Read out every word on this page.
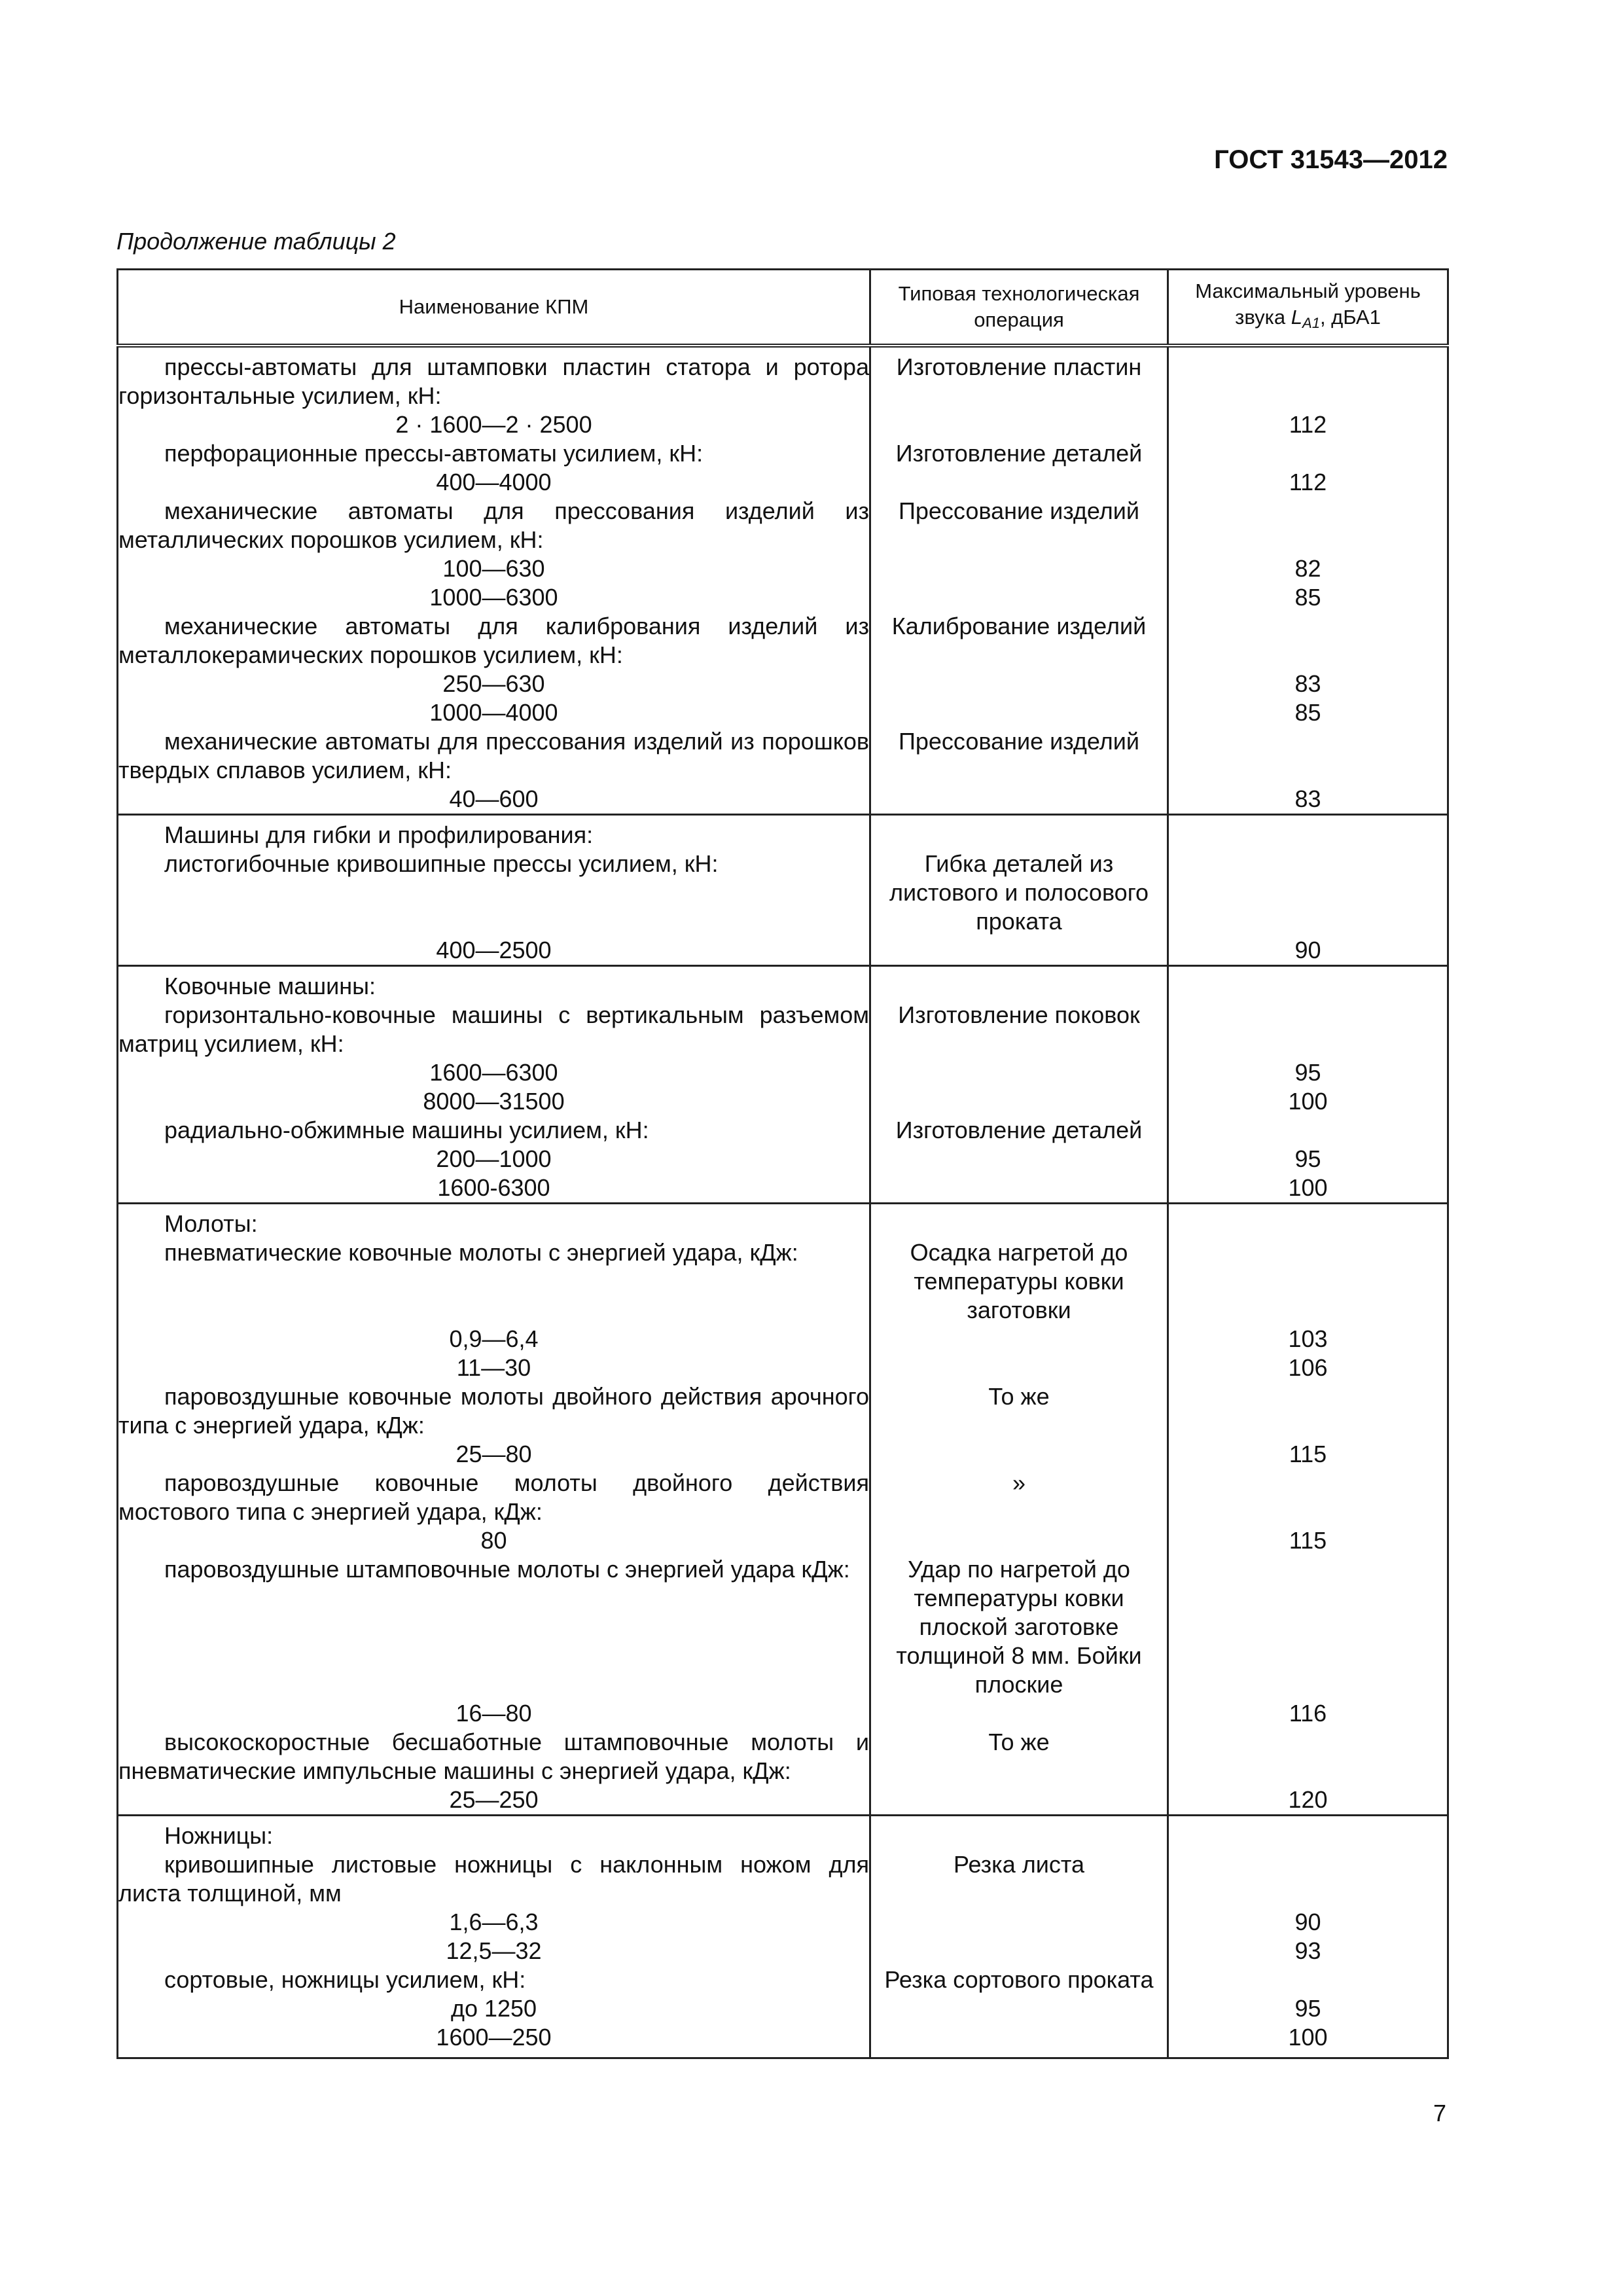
ГОСТ 31543—2012
Продолжение таблицы 2
Наименование КПМ	Типовая технологическая операция	Максимальный уровень звука $L_{A1}$, дБА1
прессы-автоматы для штамповки пластин статора и ротора горизонтальные усилием, кН:	Изготовление пластин	
2 · 1600—2 · 2500		112
перфорационные прессы-автоматы усилием, кН:	Изготовление деталей	
400—4000		112
механические автоматы для прессования изделий из металлических порошков усилием, кН:	Прессование изделий	
100—630		82
1000—6300		85
механические автоматы для калибрования изделий из металлокерамических порошков усилием, кН:	Калибрование изделий	
250—630		83
1000—4000		85
механические автоматы для прессования изделий из порошков твердых сплавов усилием, кН:	Прессование изделий	
40—600		83
Машины для гибки и профилирования:		
листогибочные кривошипные прессы усилием, кН:	Гибка деталей из листового и полосового проката	
400—2500		90
Ковочные машины:		
горизонтально-ковочные машины с вертикальным разъемом матриц усилием, кН:	Изготовление поковок	
1600—6300		95
8000—31500		100
радиально-обжимные машины усилием, кН:	Изготовление деталей	
200—1000		95
1600-6300		100
Молоты:		
пневматические ковочные молоты с энергией удара, кДж:	Осадка нагретой до температуры ковки заготовки	
0,9—6,4		103
11—30		106
паровоздушные ковочные молоты двойного действия арочного типа с энергией удара, кДж:	То же	
25—80		115
паровоздушные ковочные молоты двойного действия мостового типа с энергией удара, кДж:	»	
80		115
паровоздушные штамповочные молоты с энергией удара кДж:	Удар по нагретой до температуры ковки плоской заготовке толщиной 8 мм. Бойки плоские	
16—80		116
высокоскоростные бесшаботные штамповочные молоты и пневматические импульсные машины с энергией удара, кДж:	То же	
25—250		120
Ножницы:		
кривошипные листовые ножницы с наклонным ножом для листа толщиной, мм	Резка листа	
1,6—6,3		90
12,5—32		93
сортовые, ножницы усилием, кН:	Резка сортового проката	
до 1250		95
1600—250		100
7
